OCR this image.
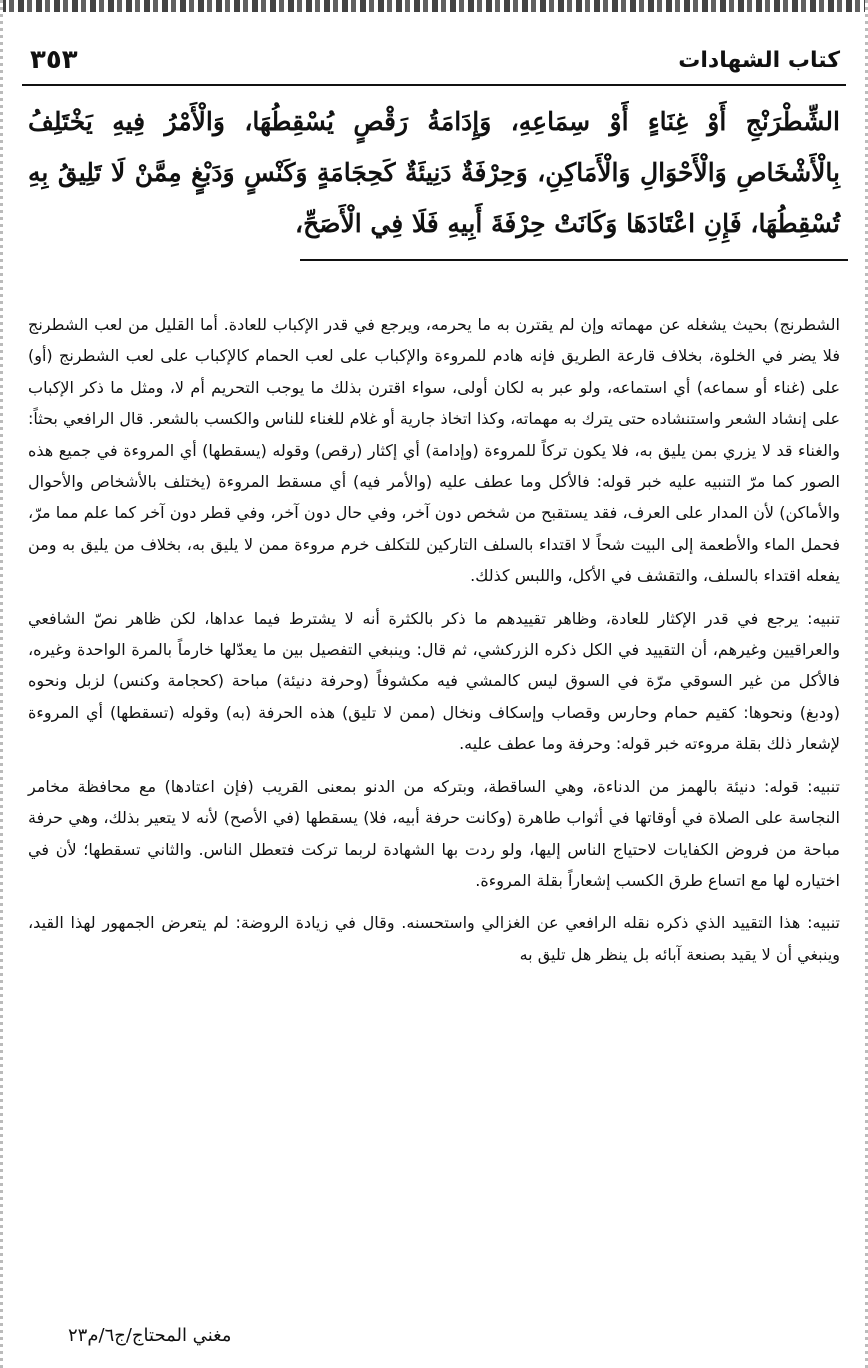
كتاب الشهادات
٣٥٣
الشِّطْرَنْجِ أَوْ غِنَاءٍ أَوْ سِمَاعِهِ، وَإِدَامَةُ رَقْصٍ يُسْقِطُهَا، وَالْأَمْرُ فِيهِ يَخْتَلِفُ بِالْأَشْخَاصِ وَالْأَحْوَالِ وَالْأَمَاكِنِ، وَحِرْفَةٌ دَنِيئَةٌ كَحِجَامَةٍ وَكَنْسٍ وَدَبْغٍ مِمَّنْ لَا تَلِيقُ بِهِ تُسْقِطُهَا، فَإِنِ اعْتَادَهَا وَكَانَتْ حِرْفَةَ أَبِيهِ فَلَا فِي الْأَصَحِّ،

الشطرنج) بحيث يشغله عن مهماته وإن لم يقترن به ما يحرمه، ويرجع في قدر الإكباب للعادة. أما القليل من لعب الشطرنج فلا يضر في الخلوة، بخلاف قارعة الطريق فإنه هادم للمروءة والإكباب على لعب الحمام كالإكباب على لعب الشطرنج (أو) على (غناء أو سماعه) أي استماعه، ولو عبر به لكان أولى، سواء اقترن بذلك ما يوجب التحريم أم لا، ومثل ما ذكر الإكباب على إنشاد الشعر واستنشاده حتى يترك به مهماته، وكذا اتخاذ جارية أو غلام للغناء للناس والكسب بالشعر. قال الرافعي بحثاً: والغناء قد لا يزري بمن يليق به، فلا يكون تركاً للمروءة (وإدامة) أي إكثار (رقص) وقوله (يسقطها) أي المروءة في جميع هذه الصور كما مرّ التنبيه عليه خبر قوله: فالأكل وما عطف عليه (والأمر فيه) أي مسقط المروءة (يختلف بالأشخاص والأحوال والأماكن) لأن المدار على العرف، فقد يستقبح من شخص دون آخر، وفي حال دون آخر، وفي قطر دون آخر كما علم مما مرّ، فحمل الماء والأطعمة إلى البيت شحاً لا اقتداء بالسلف التاركين للتكلف خرم مروءة ممن لا يليق به، بخلاف من يليق به ومن يفعله اقتداء بالسلف، والتقشف في الأكل، واللبس كذلك.

تنبيه: يرجع في قدر الإكثار للعادة، وظاهر تقييدهم ما ذكر بالكثرة أنه لا يشترط فيما عداها، لكن ظاهر نصّ الشافعي والعراقيين وغيرهم، أن التقييد في الكل ذكره الزركشي، ثم قال: وينبغي التفصيل بين ما يعدّلها خارماً بالمرة الواحدة وغيره، فالأكل من غير السوقي مرّة في السوق ليس كالمشي فيه مكشوفاً (وحرفة دنيئة) مباحة (كحجامة وكنس) لزبل ونحوه (ودبغ) ونحوها: كقيم حمام وحارس وقصاب وإسكاف ونخال (ممن لا تليق) هذه الحرفة (به) وقوله (تسقطها) أي المروءة لإشعار ذلك بقلة مروءته خبر قوله: وحرفة وما عطف عليه.

تنبيه: قوله: دنيئة بالهمز من الدناءة، وهي الساقطة، وبتركه من الدنو بمعنى القريب (فإن اعتادها) مع محافظة مخامر النجاسة على الصلاة في أوقاتها في أثواب طاهرة (وكانت حرفة أبيه، فلا) يسقطها (في الأصح) لأنه لا يتعير بذلك، وهي حرفة مباحة من فروض الكفايات لاحتياج الناس إليها، ولو ردت بها الشهادة لربما تركت فتعطل الناس. والثاني تسقطها؛ لأن في اختياره لها مع اتساع طرق الكسب إشعاراً بقلة المروءة.

تنبيه: هذا التقييد الذي ذكره نقله الرافعي عن الغزالي واستحسنه. وقال في زيادة الروضة: لم يتعرض الجمهور لهذا القيد، وينبغي أن لا يقيد بصنعة آبائه بل ينظر هل تليق به

مغني المحتاج/ج٦/م٢٣
